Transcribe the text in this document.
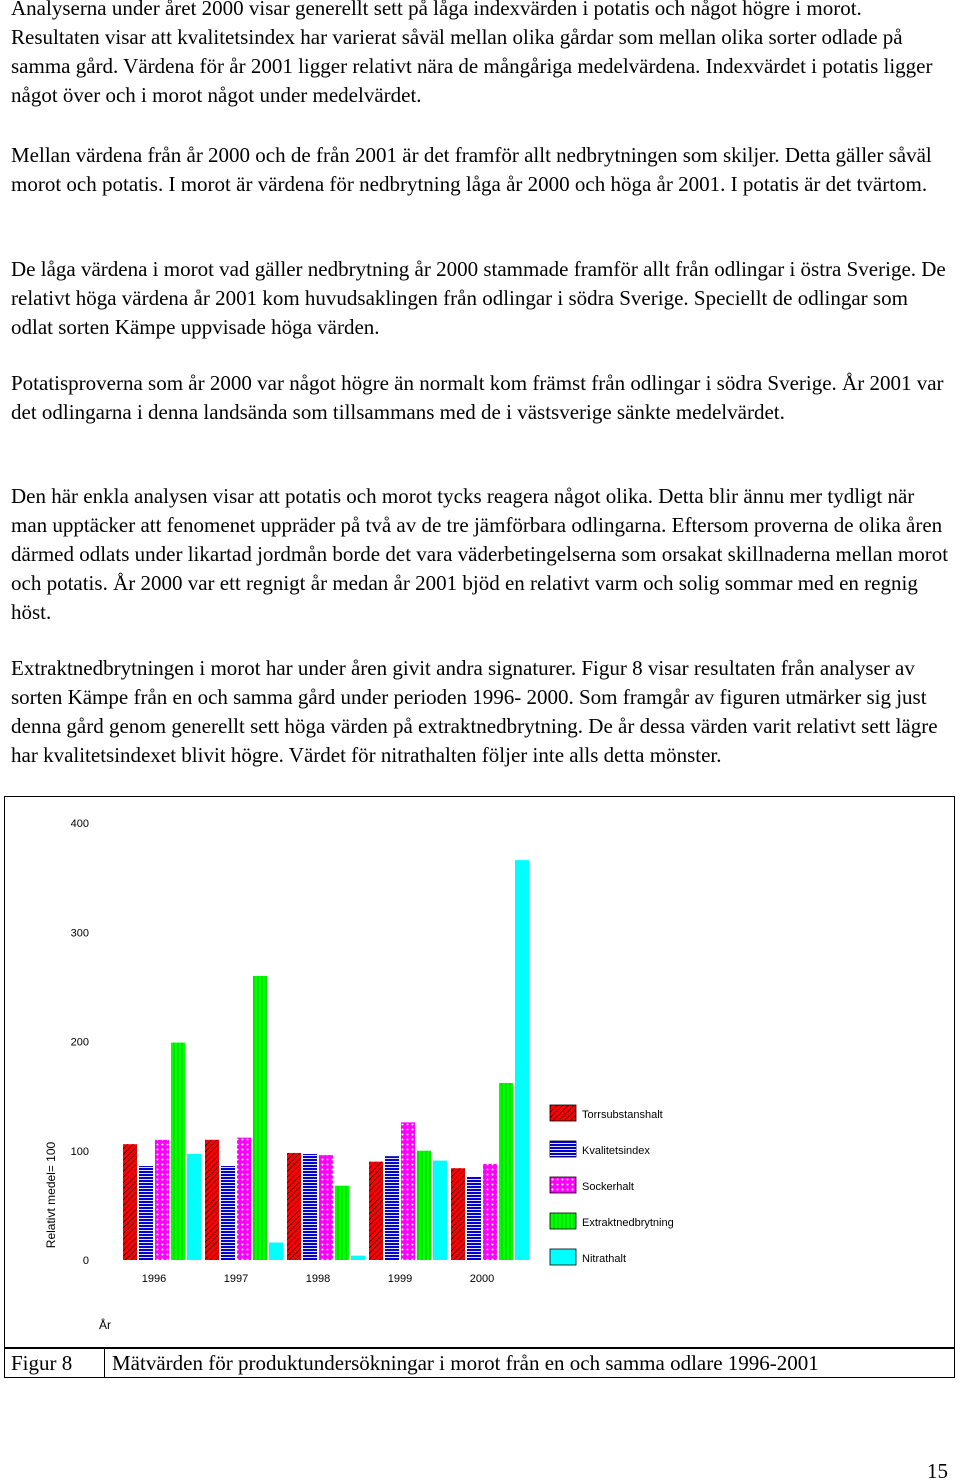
Analyserna under året 2000 visar generellt sett på låga indexvärden i potatis och något högre i morot. Resultaten visar att kvalitetsindex har varierat såväl mellan olika gårdar som mellan olika sorter odlade på samma gård. Värdena för år 2001 ligger relativt nära de mångåriga medelvärdena. Indexvärdet i potatis ligger något över och i morot något under medelvärdet.

Mellan värdena från år 2000 och de från 2001 är det framför allt nedbrytningen som skiljer. Detta gäller såväl morot och potatis. I morot är värdena för nedbrytning låga år 2000 och höga år 2001. I potatis är det tvärtom.

De låga värdena i morot vad gäller nedbrytning år 2000 stammade framför allt från odlingar i östra Sverige. De relativt höga värdena år 2001 kom huvudsaklingen från odlingar i södra Sverige. Speciellt de odlingar som odlat sorten Kämpe uppvisade höga värden.

Potatisproverna som år 2000 var något högre än normalt kom främst från odlingar i södra Sverige. År 2001 var det odlingarna i denna landsända som tillsammans med de i västsverige sänkte medelvärdet.

Den här enkla analysen visar att potatis och morot tycks reagera något olika. Detta blir ännu mer tydligt när man upptäcker att fenomenet uppräder på två av de tre jämförbara odlingarna. Eftersom proverna de olika åren därmed odlats under likartad jordmån borde det vara väderbetingelserna som orsakat skillnaderna mellan morot och potatis. År 2000 var ett regnigt år medan år 2001 bjöd en relativt varm och solig sommar med en regnig höst.

Extraktnedbrytningen i morot har under åren givit andra signaturer. Figur 8 visar resultaten från analyser av sorten Kämpe från en och samma gård under perioden 1996- 2000. Som framgår av figuren utmärker sig just denna gård genom generellt sett höga värden på extraktnedbrytning. De år dessa värden varit relativt sett lägre har kvalitetsindexet blivit högre. Värdet för nitrathalten följer inte alls detta mönster.

0
100
200
300
400
Relativt medel= 100
År
1996	1997	1998	1999	2000
Torrsubstanshalt
Kvalitetsindex
Sockerhalt
Extraktnedbrytning
Nitrathalt
Figur 8	Mätvärden för produktundersökningar i morot från en och samma odlare 1996-2001
15
